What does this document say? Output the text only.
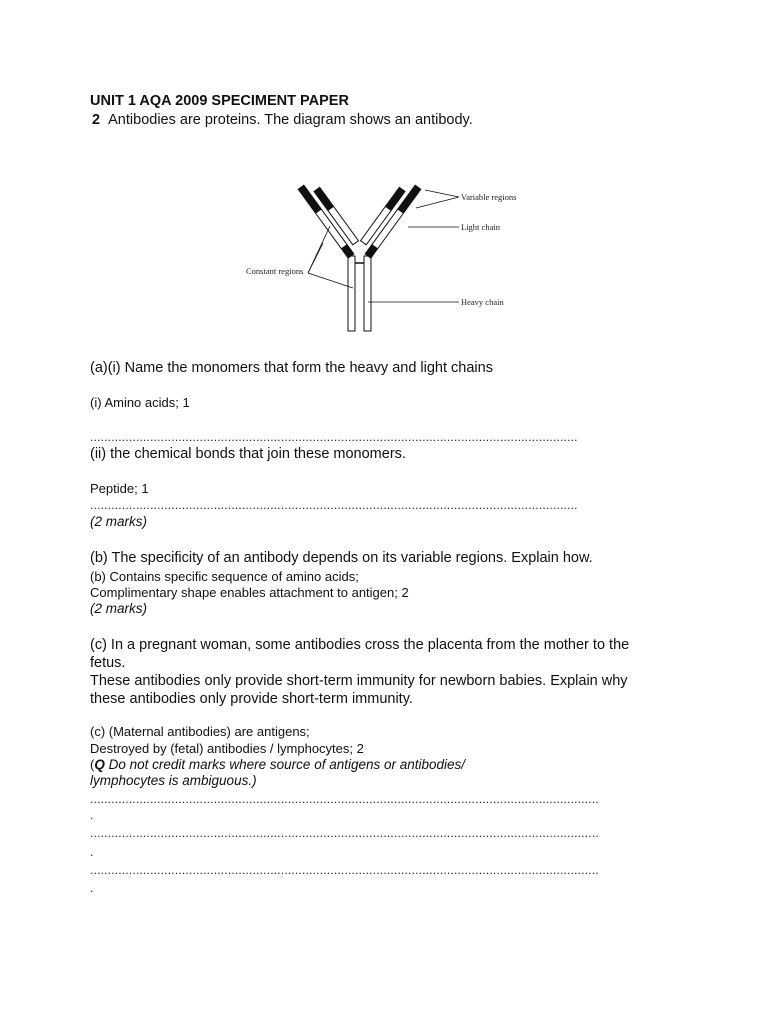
UNIT 1 AQA 2009 SPECIMENT PAPER
2 Antibodies are proteins. The diagram shows an antibody.
Variable regions
Light chain
Constant regions
Heavy chain
(a)(i) Name the monomers that form the heavy and light chains
(i) Amino acids; 1
..........................................................................................................................................
(ii) the chemical bonds that join these monomers.
Peptide; 1
..........................................................................................................................................
(2 marks)
(b) The specificity of an antibody depends on its variable regions. Explain how.
(b) Contains specific sequence of amino acids;
Complimentary shape enables attachment to antigen; 2
(2 marks)
(c) In a pregnant woman, some antibodies cross the placenta from the mother to the
fetus.
These antibodies only provide short-term immunity for newborn babies. Explain why
these antibodies only provide short-term immunity.
(c) (Maternal antibodies) are antigens;
Destroyed by (fetal) antibodies / lymphocytes; 2
(Q Do not credit marks where source of antigens or antibodies/
lymphocytes is ambiguous.)
................................................................................................................................................
.
................................................................................................................................................
.
................................................................................................................................................
.
